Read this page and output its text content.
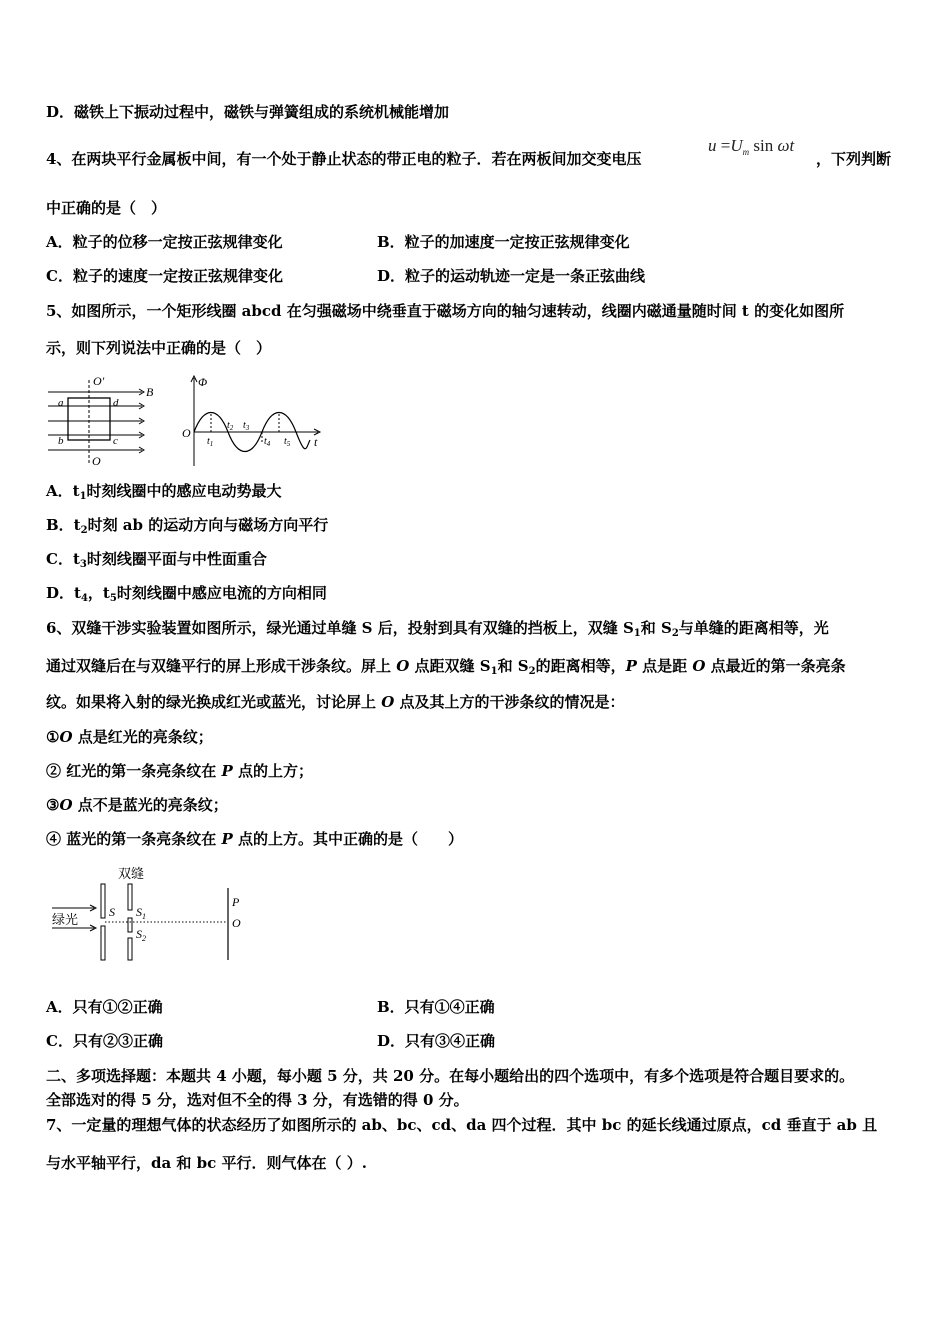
D．磁铁上下振动过程中，磁铁与弹簧组成的系统机械能增加
4、在两块平行金属板中间，有一个处于静止状态的带正电的粒子．若在两板间加交变电压
$u =U_m$ sin ωt
，下列判断
中正确的是（　）
A．粒子的位移一定按正弦规律变化	B．粒子的加速度一定按正弦规律变化
C．粒子的速度一定按正弦规律变化	D．粒子的运动轨迹一定是一条正弦曲线
5、如图所示，一个矩形线圈 abcd 在匀强磁场中绕垂直于磁场方向的轴匀速转动，线圈内磁通量随时间 t 的变化如图所
示，则下列说法中正确的是（　）
O′
B
a	d
b	c
O
Φ
O
t
$t_1$
$t_2$ $t_3$
$t_4$ $t_5$
A．$t_1$时刻线圈中的感应电动势最大
B．$t_2$时刻 ab 的运动方向与磁场方向平行
C．$t_3$时刻线圈平面与中性面重合
D．$t_4$，$t_5$时刻线圈中感应电流的方向相同
6、双缝干涉实验装置如图所示，绿光通过单缝 S 后，投射到具有双缝的挡板上，双缝 $S_1$和 $S_2$与单缝的距离相等，光
通过双缝后在与双缝平行的屏上形成干涉条纹。屏上 O 点距双缝 $S_1$和 $S_2$的距离相等，P 点是距 O 点最近的第一条亮条
纹。如果将入射的绿光换成红光或蓝光，讨论屏上 O 点及其上方的干涉条纹的情况是：
①O 点是红光的亮条纹；
② 红光的第一条亮条纹在 P 点的上方；
③O 点不是蓝光的亮条纹；
④ 蓝光的第一条亮条纹在 P 点的上方。其中正确的是（　　）
双缝
绿光	S $S_1$
$S_2$
P
O
A．只有①②正确	B．只有①④正确
C．只有②③正确	D．只有③④正确
二、多项选择题：本题共 4 小题，每小题 5 分，共 20 分。在每小题给出的四个选项中，有多个选项是符合题目要求的。
全部选对的得 5 分，选对但不全的得 3 分，有选错的得 0 分。
7、一定量的理想气体的状态经历了如图所示的 ab、bc、cd、da 四个过程．其中 bc 的延长线通过原点，cd 垂直于 ab 且
与水平轴平行，da 和 bc 平行．则气体在（ ）.
